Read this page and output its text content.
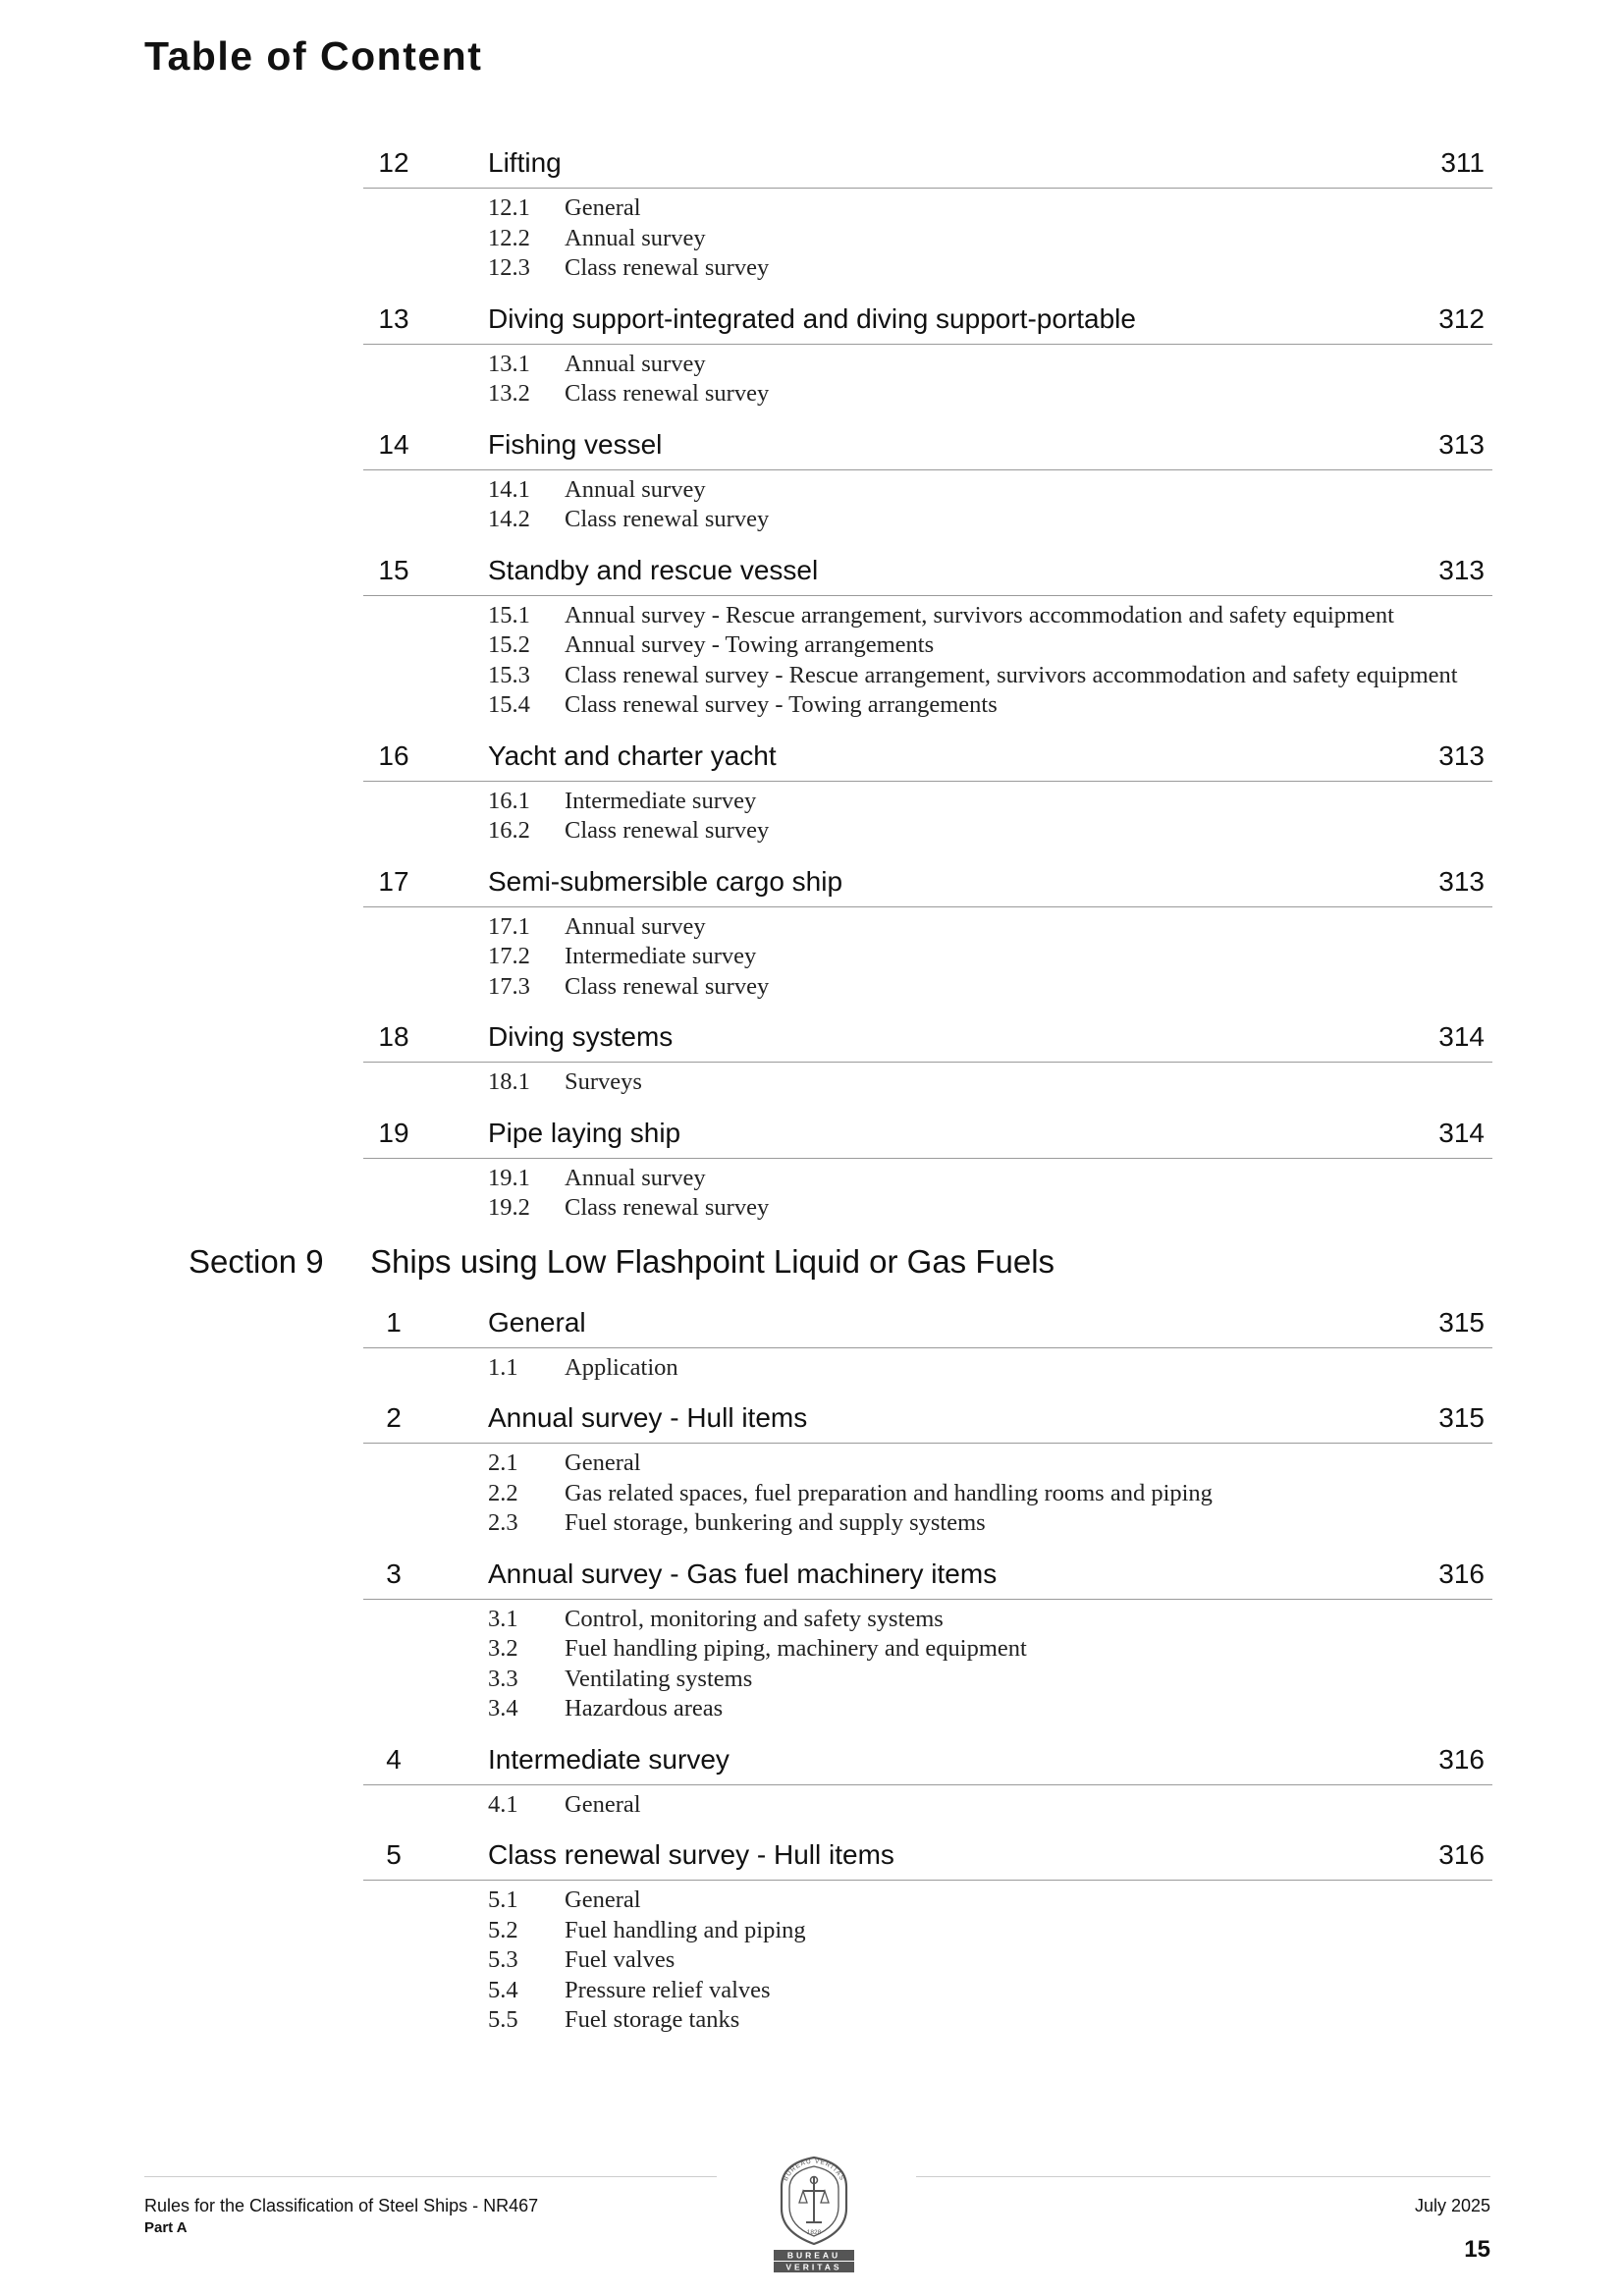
Table of Content
12	Lifting	311
12.1	General
12.2	Annual survey
12.3	Class renewal survey
13	Diving support-integrated and diving support-portable	312
13.1	Annual survey
13.2	Class renewal survey
14	Fishing vessel	313
14.1	Annual survey
14.2	Class renewal survey
15	Standby and rescue vessel	313
15.1	Annual survey - Rescue arrangement, survivors accommodation and safety equipment
15.2	Annual survey - Towing arrangements
15.3	Class renewal survey - Rescue arrangement, survivors accommodation and safety equipment
15.4	Class renewal survey - Towing arrangements
16	Yacht and charter yacht	313
16.1	Intermediate survey
16.2	Class renewal survey
17	Semi-submersible cargo ship	313
17.1	Annual survey
17.2	Intermediate survey
17.3	Class renewal survey
18	Diving systems	314
18.1	Surveys
19	Pipe laying ship	314
19.1	Annual survey
19.2	Class renewal survey
Section 9 Ships using Low Flashpoint Liquid or Gas Fuels
1	General	315
1.1	Application
2	Annual survey - Hull items	315
2.1	General
2.2	Gas related spaces, fuel preparation and handling rooms and piping
2.3	Fuel storage, bunkering and supply systems
3	Annual survey - Gas fuel machinery items	316
3.1	Control, monitoring and safety systems
3.2	Fuel handling piping, machinery and equipment
3.3	Ventilating systems
3.4	Hazardous areas
4	Intermediate survey	316
4.1	General
5	Class renewal survey - Hull items	316
5.1	General
5.2	Fuel handling and piping
5.3	Fuel valves
5.4	Pressure relief valves
5.5	Fuel storage tanks
BUREAU VERITAS
1828
BUREAU
VERITAS
Rules for the Classification of Steel Ships - NR467
Part A
July 2025
15
